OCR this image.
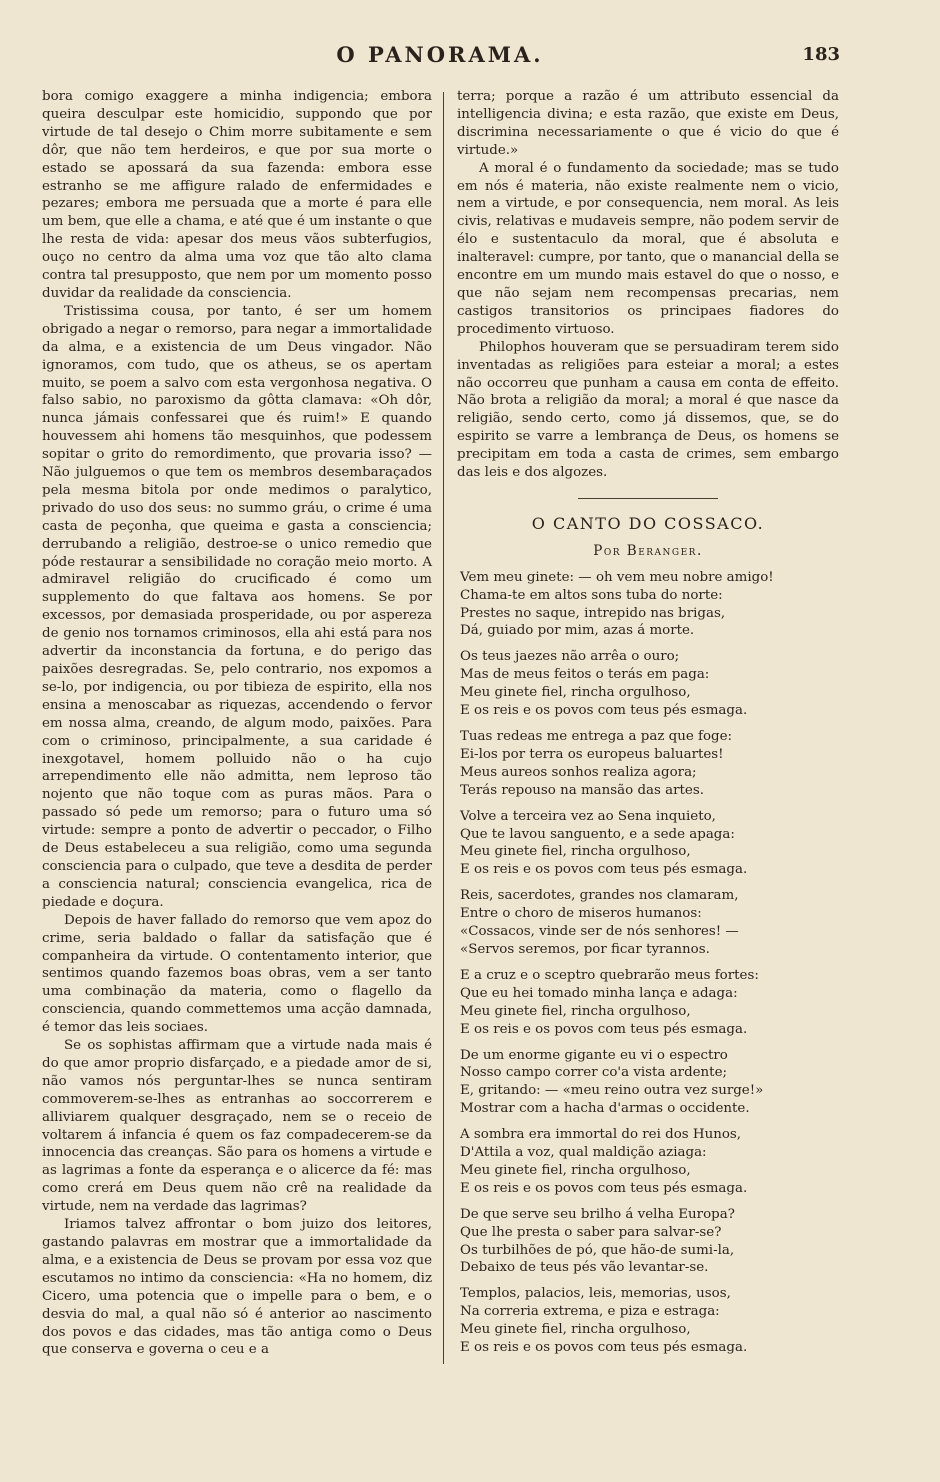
O PANORAMA.	183

bora comigo exaggere a minha indigencia; embora queira desculpar este homicidio, suppondo que por virtude de tal desejo o Chim morre subitamente e sem dôr, que não tem herdeiros, e que por sua morte o estado se apossará da sua fazenda: embora esse estranho se me affigure ralado de enfermidades e pezares; embora me persuada que a morte é para elle um bem, que elle a chama, e até que é um instante o que lhe resta de vida: apesar dos meus vãos subterfugios, ouço no centro da alma uma voz que tão alto clama contra tal presupposto, que nem por um momento posso duvidar da realidade da consciencia.

Tristissima cousa, por tanto, é ser um homem obrigado a negar o remorso, para negar a immortalidade da alma, e a existencia de um Deus vingador. Não ignoramos, com tudo, que os atheus, se os apertam muito, se poem a salvo com esta vergonhosa negativa. O falso sabio, no paroxismo da gôtta clamava: «Oh dôr, nunca jámais confessarei que és ruim!» E quando houvessem ahi homens tão mesquinhos, que podessem sopitar o grito do remordimento, que provaria isso? — Não julguemos o que tem os membros desembaraçados pela mesma bitola por onde medimos o paralytico, privado do uso dos seus: no summo gráu, o crime é uma casta de peçonha, que queima e gasta a consciencia; derrubando a religião, destroe-se o unico remedio que póde restaurar a sensibilidade no coração meio morto. A admiravel religião do crucificado é como um supplemento do que faltava aos homens. Se por excessos, por demasiada prosperidade, ou por aspereza de genio nos tornamos criminosos, ella ahi está para nos advertir da inconstancia da fortuna, e do perigo das paixões desregradas. Se, pelo contrario, nos expomos a se-lo, por indigencia, ou por tibieza de espirito, ella nos ensina a menoscabar as riquezas, accendendo o fervor em nossa alma, creando, de algum modo, paixões. Para com o criminoso, principalmente, a sua caridade é inexgotavel, homem polluido não o ha cujo arrependimento elle não admitta, nem leproso tão nojento que não toque com as puras mãos. Para o passado só pede um remorso; para o futuro uma só virtude: sempre a ponto de advertir o peccador, o Filho de Deus estabeleceu a sua religião, como uma segunda consciencia para o culpado, que teve a desdita de perder a consciencia natural; consciencia evangelica, rica de piedade e doçura.

Depois de haver fallado do remorso que vem apoz do crime, seria baldado o fallar da satisfação que é companheira da virtude. O contentamento interior, que sentimos quando fazemos boas obras, vem a ser tanto uma combinação da materia, como o flagello da consciencia, quando commettemos uma acção damnada, é temor das leis sociaes.

Se os sophistas affirmam que a virtude nada mais é do que amor proprio disfarçado, e a piedade amor de si, não vamos nós perguntar-lhes se nunca sentiram commoverem-se-lhes as entranhas ao soccorrerem e alliviarem qualquer desgraçado, nem se o receio de voltarem á infancia é quem os faz compadecerem-se da innocencia das creanças. São para os homens a virtude e as lagrimas a fonte da esperança e o alicerce da fé: mas como crerá em Deus quem não crê na realidade da virtude, nem na verdade das lagrimas?

Iriamos talvez affrontar o bom juizo dos leitores, gastando palavras em mostrar que a immortalidade da alma, e a existencia de Deus se provam por essa voz que escutamos no intimo da consciencia: «Ha no homem, diz Cicero, uma potencia que o impelle para o bem, e o desvia do mal, a qual não só é anterior ao nascimento dos povos e das cidades, mas tão antiga como o Deus que conserva e governa o ceu e a

terra; porque a razão é um attributo essencial da intelligencia divina; e esta razão, que existe em Deus, discrimina necessariamente o que é vicio do que é virtude.»

A moral é o fundamento da sociedade; mas se tudo em nós é materia, não existe realmente nem o vicio, nem a virtude, e por consequencia, nem moral. As leis civis, relativas e mudaveis sempre, não podem servir de élo e sustentaculo da moral, que é absoluta e inalteravel: cumpre, por tanto, que o manancial della se encontre em um mundo mais estavel do que o nosso, e que não sejam nem recompensas precarias, nem castigos transitorios os principaes fiadores do procedimento virtuoso.

Philophos houveram que se persuadiram terem sido inventadas as religiões para esteiar a moral; a estes não occorreu que punham a causa em conta de effeito. Não brota a religião da moral; a moral é que nasce da religião, sendo certo, como já dissemos, que, se do espirito se varre a lembrança de Deus, os homens se precipitam em toda a casta de crimes, sem embargo das leis e dos algozes.

O CANTO DO COSSACO.
Por Beranger.
Vem meu ginete: — oh vem meu nobre amigo!
Chama-te em altos sons tuba do norte:
Prestes no saque, intrepido nas brigas,
Dá, guiado por mim, azas á morte.
Os teus jaezes não arrêa o ouro;
Mas de meus feitos o terás em paga:
Meu ginete fiel, rincha orgulhoso,
E os reis e os povos com teus pés esmaga.
Tuas redeas me entrega a paz que foge:
Ei-los por terra os europeus baluartes!
Meus aureos sonhos realiza agora;
Terás repouso na mansão das artes.
Volve a terceira vez ao Sena inquieto,
Que te lavou sanguento, e a sede apaga:
Meu ginete fiel, rincha orgulhoso,
E os reis e os povos com teus pés esmaga.
Reis, sacerdotes, grandes nos clamaram,
Entre o choro de miseros humanos:
«Cossacos, vinde ser de nós senhores! —
«Servos seremos, por ficar tyrannos.
E a cruz e o sceptro quebrarão meus fortes:
Que eu hei tomado minha lança e adaga:
Meu ginete fiel, rincha orgulhoso,
E os reis e os povos com teus pés esmaga.
De um enorme gigante eu vi o espectro
Nosso campo correr co'a vista ardente;
E, gritando: — «meu reino outra vez surge!»
Mostrar com a hacha d'armas o occidente.
A sombra era immortal do rei dos Hunos,
D'Attila a voz, qual maldição aziaga:
Meu ginete fiel, rincha orgulhoso,
E os reis e os povos com teus pés esmaga.
De que serve seu brilho á velha Europa?
Que lhe presta o saber para salvar-se?
Os turbilhões de pó, que hão-de sumi-la,
Debaixo de teus pés vão levantar-se.
Templos, palacios, leis, memorias, usos,
Na correria extrema, e piza e estraga:
Meu ginete fiel, rincha orgulhoso,
E os reis e os povos com teus pés esmaga.
